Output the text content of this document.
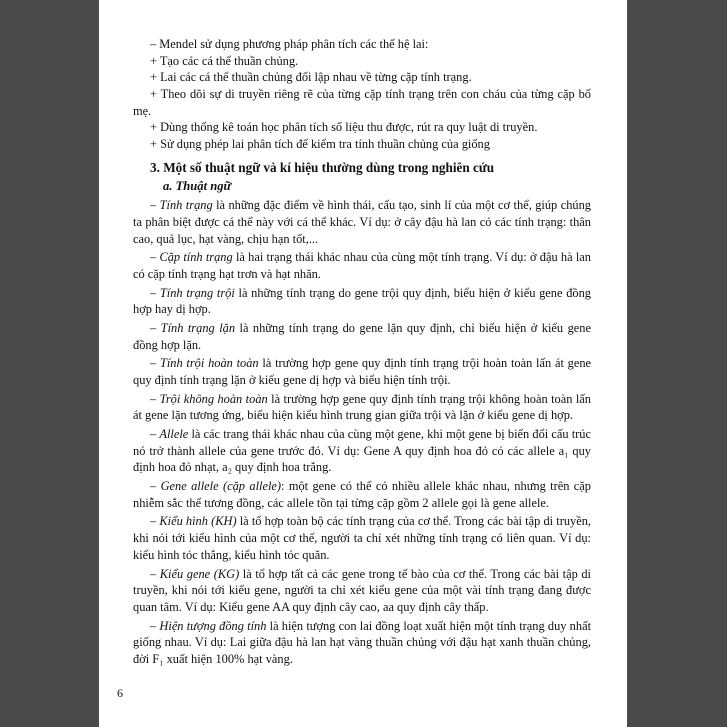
– Mendel sử dụng phương pháp phân tích các thế hệ lai:

+ Tạo các cá thể thuần chủng.

+ Lai các cá thể thuần chủng đối lập nhau về từng cặp tính trạng.

+ Theo dõi sự di truyền riêng rẽ của từng cặp tính trạng trên con cháu của từng cặp bố mẹ.

+ Dùng thống kê toán học phân tích số liệu thu được, rút ra quy luật di truyền.

+ Sử dụng phép lai phân tích để kiểm tra tính thuần chủng của giống

3. Một số thuật ngữ và kí hiệu thường dùng trong nghiên cứu

a. Thuật ngữ

– Tính trạng là những đặc điểm về hình thái, cấu tạo, sinh lí của một cơ thể, giúp chúng ta phân biệt được cá thể này với cá thể khác. Ví dụ: ở cây đậu hà lan có các tính trạng: thân cao, quả lục, hạt vàng, chịu hạn tốt,...

– Cặp tính trạng là hai trạng thái khác nhau của cùng một tính trạng. Ví dụ: ở đậu hà lan có cặp tính trạng hạt trơn và hạt nhăn.

– Tính trạng trội là những tính trạng do gene trội quy định, biểu hiện ở kiểu gene đồng hợp hay dị hợp.

– Tính trạng lặn là những tính trạng do gene lặn quy định, chỉ biểu hiện ở kiểu gene đồng hợp lặn.

– Tính trội hoàn toàn là trường hợp gene quy định tính trạng trội hoàn toàn lấn át gene quy định tính trạng lặn ở kiểu gene dị hợp và biểu hiện tính trội.

– Trội không hoàn toàn là trường hợp gene quy định tính trạng trội không hoàn toàn lấn át gene lặn tương ứng, biểu hiện kiểu hình trung gian giữa trội và lặn ở kiểu gene dị hợp.

– Allele là các trang thái khác nhau của cùng một gene, khi một gene bị biến đổi cấu trúc nó trở thành allele của gene trước đó. Ví dụ: Gene A quy định hoa đỏ có các allele a₁ quy định hoa đỏ nhạt, a₂ quy định hoa trắng.

– Gene allele (cặp allele): một gene có thể có nhiều allele khác nhau, nhưng trên cặp nhiễm sắc thể tương đồng, các allele tồn tại từng cặp gồm 2 allele gọi là gene allele.

– Kiểu hình (KH) là tổ hợp toàn bộ các tính trạng của cơ thể. Trong các bài tập di truyền, khi nói tới kiểu hình của một cơ thể, người ta chỉ xét những tính trạng có liên quan. Ví dụ: kiểu hình tóc thẳng, kiểu hình tóc quăn.

– Kiểu gene (KG) là tổ hợp tất cả các gene trong tế bào của cơ thể. Trong các bài tập di truyền, khi nói tới kiểu gene, người ta chỉ xét kiểu gene của một vài tính trạng đang được quan tâm. Ví dụ: Kiểu gene AA quy định cây cao, aa quy định cây thấp.

– Hiện tượng đồng tính là hiện tượng con lai đồng loạt xuất hiện một tính trạng duy nhất giống nhau. Ví dụ: Lai giữa đậu hà lan hạt vàng thuần chủng với đậu hạt xanh thuần chủng, đời F₁ xuất hiện 100% hạt vàng.

6
